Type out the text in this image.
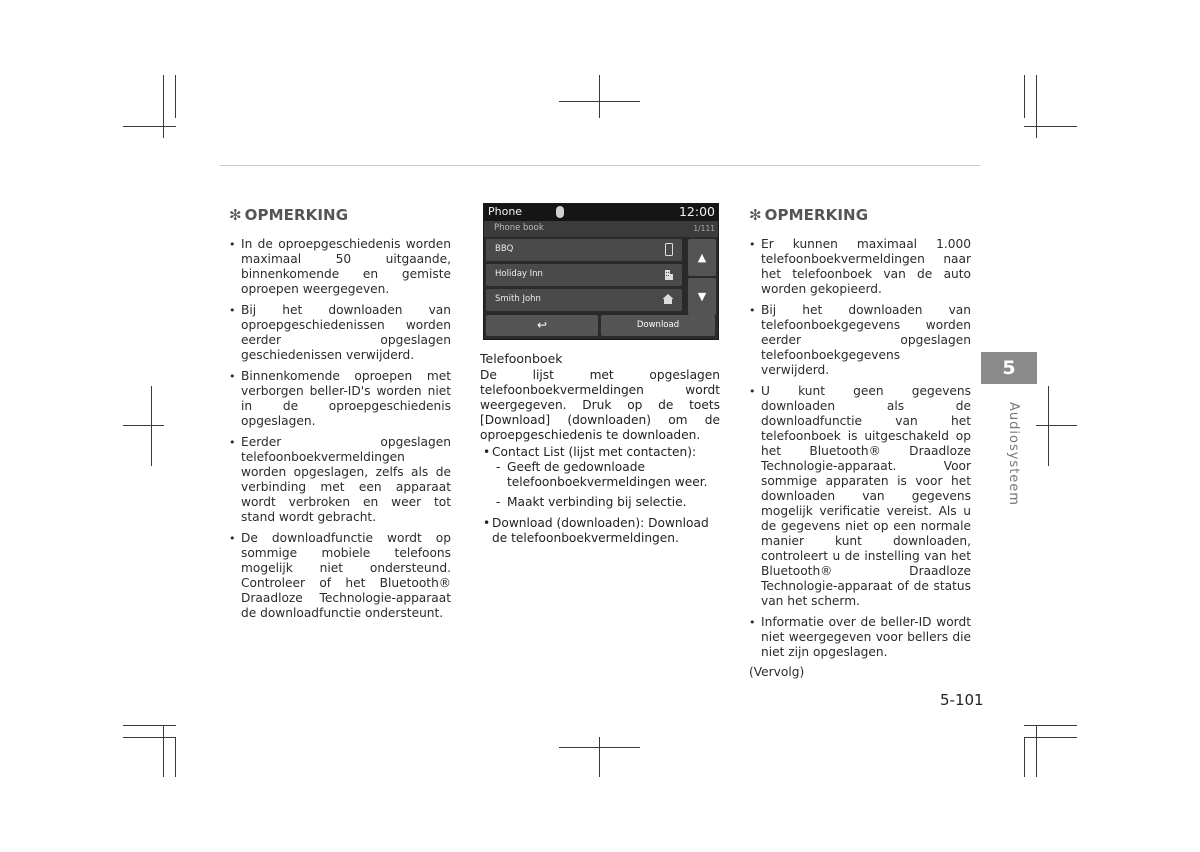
✻ OPMERKING
• In de oproepgeschiedenis worden maximaal 50 uitgaande, binnenkomende en gemiste oproepen weergegeven.
• Bij het downloaden van oproepgeschiedenissen worden eerder opgeslagen geschiedenissen verwijderd.
• Binnenkomende oproepen met verborgen beller-ID's worden niet in de oproepgeschiedenis opgeslagen.
• Eerder opgeslagen telefoonboekvermeldingen worden opgeslagen, zelfs als de verbinding met een apparaat wordt verbroken en weer tot stand wordt gebracht.
• De downloadfunctie wordt op sommige mobiele telefoons mogelijk niet ondersteund. Controleer of het Bluetooth® Draadloze Technologie-apparaat de downloadfunctie ondersteunt.
Phone	12:00
Phone book	1/111
BBQ
Holiday Inn
Smith John
▲
▼
↩	Download
Telefoonboek

De lijst met opgeslagen telefoonboekvermeldingen wordt weergegeven. Druk op de toets [Download] (downloaden) om de oproepgeschiedenis te downloaden.

• Contact List (lijst met contacten):
- Geeft de gedownloade telefoonboekvermeldingen weer.
- Maakt verbinding bij selectie.
• Download (downloaden): Download de telefoonboekvermeldingen.
✻ OPMERKING
• Er kunnen maximaal 1.000 telefoonboekvermeldingen naar het telefoonboek van de auto worden gekopieerd.
• Bij het downloaden van telefoonboekgegevens worden eerder opgeslagen telefoonboekgegevens verwijderd.
• U kunt geen gegevens downloaden als de downloadfunctie van het telefoonboek is uitgeschakeld op het Bluetooth® Draadloze Technologie-apparaat. Voor sommige apparaten is voor het downloaden van gegevens mogelijk verificatie vereist. Als u de gegevens niet op een normale manier kunt downloaden, controleert u de instelling van het Bluetooth® Draadloze Technologie-apparaat of de status van het scherm.
• Informatie over de beller-ID wordt niet weergegeven voor bellers die niet zijn opgeslagen.
(Vervolg)
5
Audiosysteem
5-101
